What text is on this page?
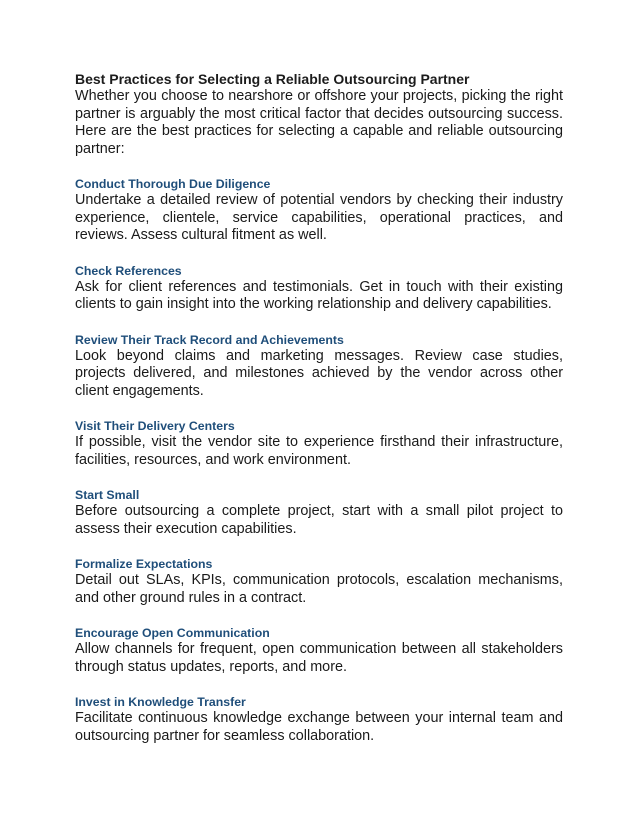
Best Practices for Selecting a Reliable Outsourcing Partner

Whether you choose to nearshore or offshore your projects, picking the right partner is arguably the most critical factor that decides outsourcing success. Here are the best practices for selecting a capable and reliable outsourcing partner:

Conduct Thorough Due Diligence

Undertake a detailed review of potential vendors by checking their industry experience, clientele, service capabilities, operational practices, and reviews. Assess cultural fitment as well.

Check References

Ask for client references and testimonials. Get in touch with their existing clients to gain insight into the working relationship and delivery capabilities.

Review Their Track Record and Achievements

Look beyond claims and marketing messages. Review case studies, projects delivered, and milestones achieved by the vendor across other client engagements.

Visit Their Delivery Centers

If possible, visit the vendor site to experience firsthand their infrastructure, facilities, resources, and work environment.

Start Small

Before outsourcing a complete project, start with a small pilot project to assess their execution capabilities.

Formalize Expectations

Detail out SLAs, KPIs, communication protocols, escalation mechanisms, and other ground rules in a contract.

Encourage Open Communication

Allow channels for frequent, open communication between all stakeholders through status updates, reports, and more.

Invest in Knowledge Transfer

Facilitate continuous knowledge exchange between your internal team and outsourcing partner for seamless collaboration.
